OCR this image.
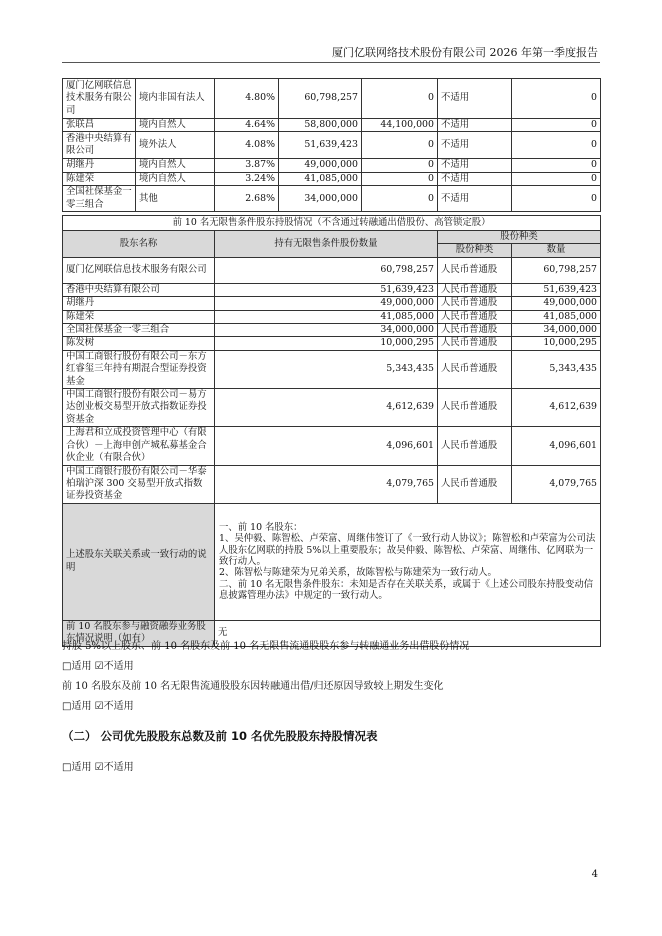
厦门亿联网络技术股份有限公司 2026 年第一季度报告
厦门亿网联信息技术服务有限公司	境内非国有法人	4.80%	60,798,257	0	不适用	0
张联昌	境内自然人	4.64%	58,800,000	44,100,000	不适用	0
香港中央结算有限公司	境外法人	4.08%	51,639,423	0	不适用	0
胡继丹	境内自然人	3.87%	49,000,000	0	不适用	0
陈建荣	境内自然人	3.24%	41,085,000	0	不适用	0
全国社保基金一零三组合	其他	2.68%	34,000,000	0	不适用	0
前 10 名无限售条件股东持股情况（不含通过转融通出借股份、高管锁定股）			
股东名称	持有无限售条件股份数量	股份种类	
		股份种类	数量
厦门亿网联信息技术服务有限公司	60,798,257	人民币普通股	60,798,257
香港中央结算有限公司	51,639,423	人民币普通股	51,639,423
胡继丹	49,000,000	人民币普通股	49,000,000
陈建荣	41,085,000	人民币普通股	41,085,000
全国社保基金一零三组合	34,000,000	人民币普通股	34,000,000
陈发树	10,000,295	人民币普通股	10,000,295
中国工商银行股份有限公司－东方红睿玺三年持有期混合型证券投资基金	5,343,435	人民币普通股	5,343,435
中国工商银行股份有限公司－易方达创业板交易型开放式指数证券投资基金	4,612,639	人民币普通股	4,612,639
上海君和立成投资管理中心（有限合伙）－上海申创产城私募基金合伙企业（有限合伙）	4,096,601	人民币普通股	4,096,601
中国工商银行股份有限公司－华泰柏瑞沪深 300 交易型开放式指数证券投资基金	4,079,765	人民币普通股	4,079,765
上述股东关联关系或一致行动的说明	一、前 10 名股东：
1、吴仲毅、陈智松、卢荣富、周继伟签订了《一致行动人协议》；陈智松和卢荣富为公司法人股东亿网联的持股 5%以上重要股东；故吴仲毅、陈智松、卢荣富、周继伟、亿网联为一致行动人。
2、陈智松与陈建荣为兄弟关系，故陈智松与陈建荣为一致行动人。
二、前 10 名无限售条件股东：未知是否存在关联关系，或属于《上述公司股东持股变动信息披露管理办法》中规定的一致行动人。		

前 10 名股东参与融资融券业务股东情况说明（如有）	无		
持股 5%以上股东、前 10 名股东及前 10 名无限售流通股股东参与转融通业务出借股份情况
□适用 ☑不适用
前 10 名股东及前 10 名无限售流通股股东因转融通出借/归还原因导致较上期发生变化
□适用 ☑不适用
（二） 公司优先股股东总数及前 10 名优先股股东持股情况表
□适用 ☑不适用
4
